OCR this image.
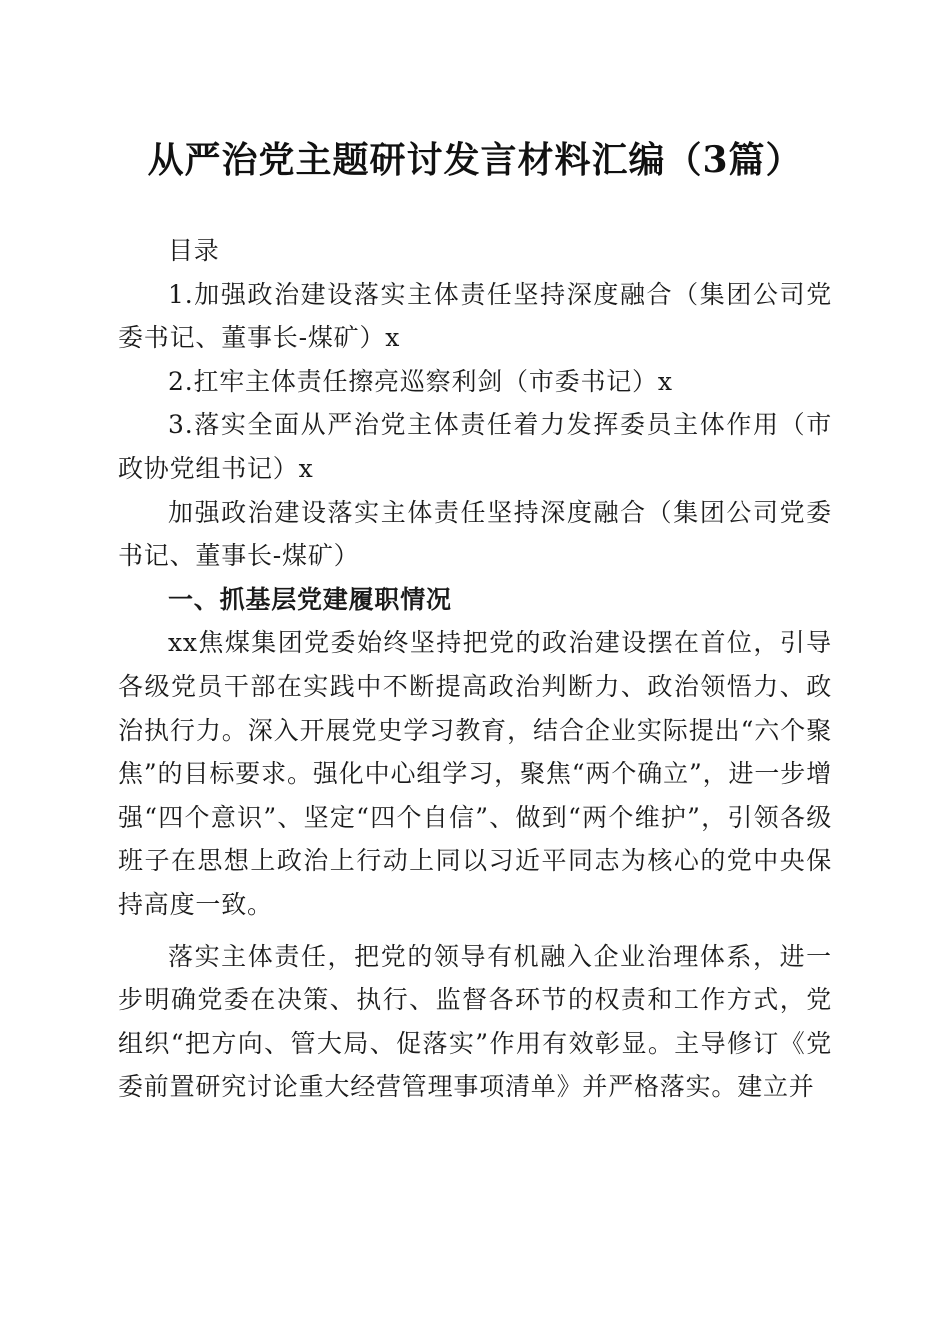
从严治党主题研讨发言材料汇编（3篇）

目录

1.加强政治建设落实主体责任坚持深度融合（集团公司党委书记、董事长-煤矿）x

2.扛牢主体责任擦亮巡察利剑（市委书记）x

3.落实全面从严治党主体责任着力发挥委员主体作用（市政协党组书记）x

加强政治建设落实主体责任坚持深度融合（集团公司党委书记、董事长-煤矿）

一、抓基层党建履职情况

xx焦煤集团党委始终坚持把党的政治建设摆在首位，引导各级党员干部在实践中不断提高政治判断力、政治领悟力、政治执行力。深入开展党史学习教育，结合企业实际提出“六个聚焦”的目标要求。强化中心组学习，聚焦“两个确立”，进一步增强“四个意识”、坚定“四个自信”、做到“两个维护”，引领各级班子在思想上政治上行动上同以习近平同志为核心的党中央保持高度一致。

落实主体责任，把党的领导有机融入企业治理体系，进一步明确党委在决策、执行、监督各环节的权责和工作方式，党组织“把方向、管大局、促落实”作用有效彰显。主导修订《党委前置研究讨论重大经营管理事项清单》并严格落实。建立并
